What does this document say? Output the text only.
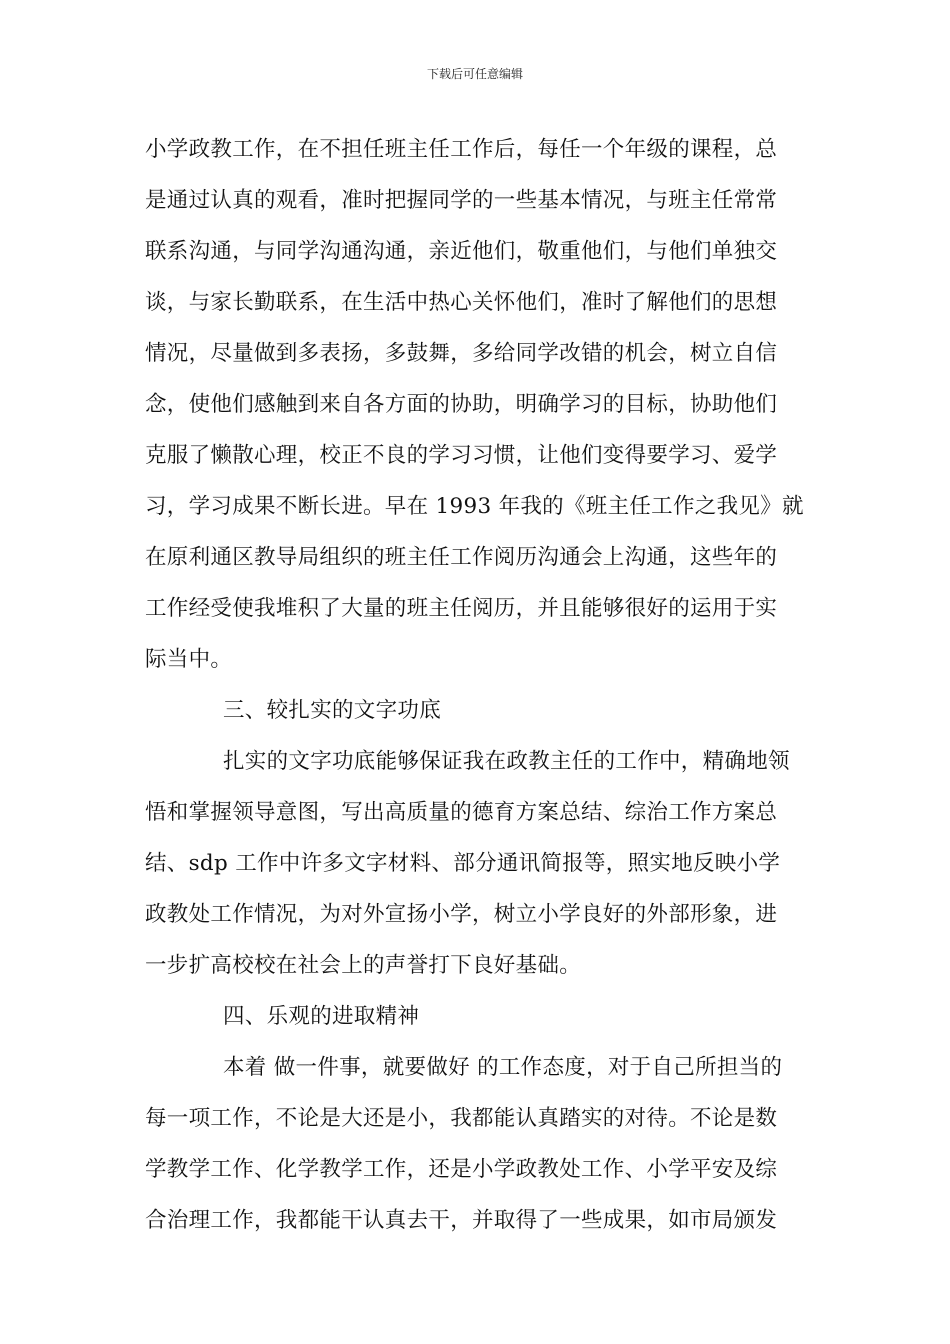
下载后可任意编辑
小学政教工作，在不担任班主任工作后，每任一个年级的课程，总
是通过认真的观看，准时把握同学的一些基本情况，与班主任常常
联系沟通，与同学沟通沟通，亲近他们，敬重他们，与他们单独交
谈，与家长勤联系，在生活中热心关怀他们，准时了解他们的思想
情况，尽量做到多表扬，多鼓舞，多给同学改错的机会，树立自信
念，使他们感触到来自各方面的协助，明确学习的目标，协助他们
克服了懒散心理，校正不良的学习习惯，让他们变得要学习、爱学
习，学习成果不断长进。早在 1993 年我的《班主任工作之我见》就
在原利通区教导局组织的班主任工作阅历沟通会上沟通，这些年的
工作经受使我堆积了大量的班主任阅历，并且能够很好的运用于实
际当中。
三、较扎实的文字功底
扎实的文字功底能够保证我在政教主任的工作中，精确地领
悟和掌握领导意图，写出高质量的德育方案总结、综治工作方案总
结、sdp 工作中许多文字材料、部分通讯简报等，照实地反映小学
政教处工作情况，为对外宣扬小学，树立小学良好的外部形象，进
一步扩高校校在社会上的声誉打下良好基础。
四、乐观的进取精神
本着 做一件事，就要做好 的工作态度，对于自己所担当的
每一项工作，不论是大还是小，我都能认真踏实的对待。不论是数
学教学工作、化学教学工作，还是小学政教处工作、小学平安及综
合治理工作，我都能干认真去干，并取得了一些成果，如市局颁发
